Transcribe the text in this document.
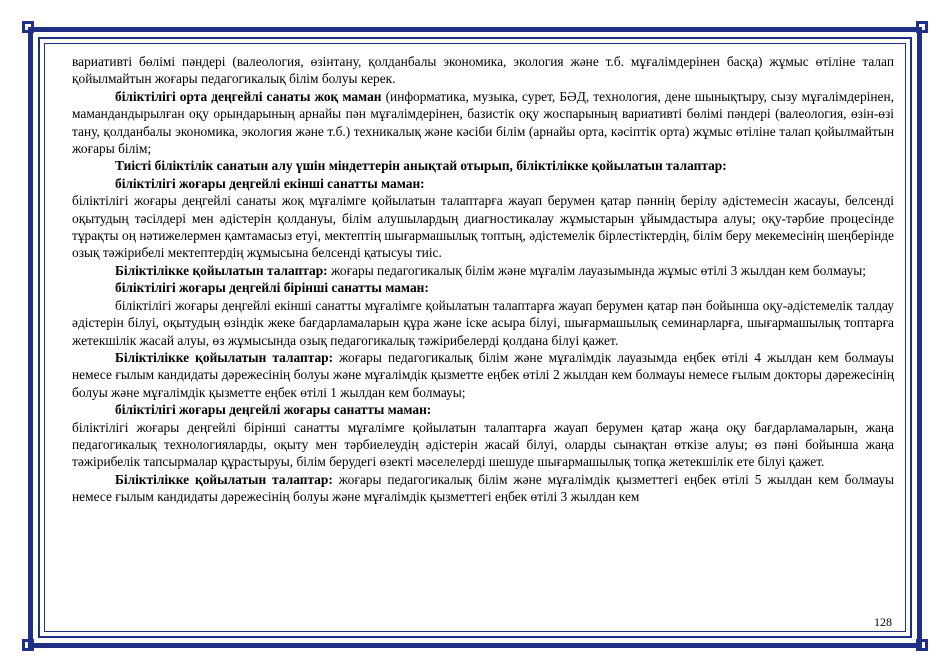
вариативті бөлімі пәндері (валеология, өзінтану, қолданбалы экономика, экология және т.б. мұғалімдерінен басқа) жұмыс өтіліне талап қойылмайтын жоғары педагогикалық білім болуы керек.

біліктілігі орта деңгейлі санаты жоқ маман (информатика, музыка, сурет, БӘД, технология, дене шынықтыру, сызу мұғалімдерінен, мамандандырылған оқу орындарының арнайы пән мұғалімдерінен, базистік оқу жоспарының вариативті бөлімі пәндері (валеология, өзін-өзі тану, қолданбалы экономика, экология және т.б.) техникалық және кәсіби білім (арнайы орта, кәсіптік орта) жұмыс өтіліне талап қойылмайтын жоғары білім;

Тиісті біліктілік санатын алу үшін міндеттерін анықтай отырып, біліктілікке қойылатын талаптар:

біліктілігі жоғары деңгейлі екінші санатты маман:

біліктілігі жоғары деңгейлі санаты жоқ мұғалімге қойылатын талаптарға жауап берумен қатар пәннің берілу әдістемесін жасауы, белсенді оқытудың тәсілдері мен әдістерін қолдануы, білім алушылардың диагностикалау жұмыстарын ұйымдастыра алуы; оқу-тәрбие процесінде тұрақты оң нәтижелермен қамтамасыз етуі, мектептің шығармашылық топтың, әдістемелік бірлестіктердің, білім беру мекемесінің шеңберінде озық тәжірибелі мектептердің жұмысына белсенді қатысуы тиіс.

Біліктілікке қойылатын талаптар: жоғары педагогикалық білім және мұғалім лауазымында жұмыс өтілі 3 жылдан кем болмауы;

біліктілігі жоғары деңгейлі бірінші санатты маман:

біліктілігі жоғары деңгейлі екінші санатты мұғалімге қойылатын талаптарға жауап берумен қатар пән бойынша оқу-әдістемелік талдау әдістерін білуі, оқытудың өзіндік жеке бағдарламаларын құра және іске асыра білуі, шығармашылық семинарларға, шығармашылық топтарға жетекшілік жасай алуы, өз жұмысында озық педагогикалық тәжірибелерді қолдана білуі қажет.

Біліктілікке қойылатын талаптар: жоғары педагогикалық білім және мұғалімдік лауазымда еңбек өтілі 4 жылдан кем болмауы немесе ғылым кандидаты дәрежесінің болуы және мұғалімдік қызметте еңбек өтілі 2 жылдан кем болмауы немесе ғылым докторы дәрежесінің болуы және мұғалімдік қызметте еңбек өтілі 1 жылдан кем болмауы;

біліктілігі жоғары деңгейлі жоғары санатты маман:

біліктілігі жоғары деңгейлі бірінші санатты мұғалімге қойылатын талаптарға жауап берумен қатар жаңа оқу бағдарламаларын, жаңа педагогикалық технологияларды, оқыту мен тәрбиелеудің әдістерін жасай білуі, оларды сынақтан өткізе алуы; өз пәні бойынша жаңа тәжірибелік тапсырмалар құрастыруы, білім берудегі өзекті мәселелерді шешуде шығармашылық топқа жетекшілік ете білуі қажет.

Біліктілікке қойылатын талаптар: жоғары педагогикалық білім және мұғалімдік қызметтегі еңбек өтілі 5 жылдан кем болмауы немесе ғылым кандидаты дәрежесінің болуы және мұғалімдік қызметтегі еңбек өтілі 3 жылдан кем

128
